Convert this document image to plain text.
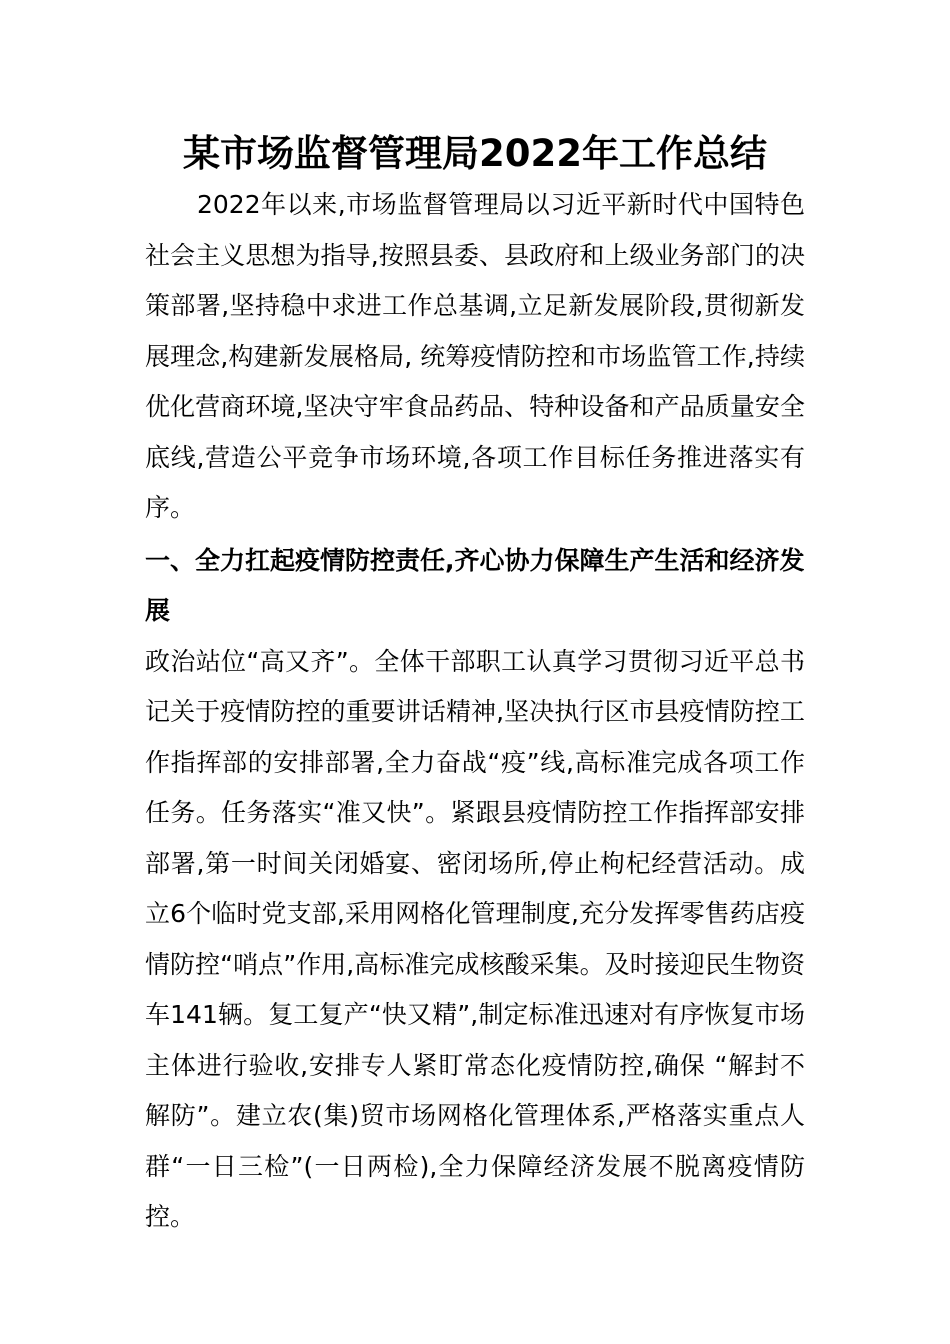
某市场监督管理局2022年工作总结

2022年以来,市场监督管理局以习近平新时代中国特色社会主义思想为指导,按照县委、县政府和上级业务部门的决策部署,坚持稳中求进工作总基调,立足新发展阶段,贯彻新发展理念,构建新发展格局, 统筹疫情防控和市场监管工作,持续优化营商环境,坚决守牢食品药品、特种设备和产品质量安全底线,营造公平竞争市场环境,各项工作目标任务推进落实有序。

一、全力扛起疫情防控责任,齐心协力保障生产生活和经济发展

政治站位“高又齐”。全体干部职工认真学习贯彻习近平总书记关于疫情防控的重要讲话精神,坚决执行区市县疫情防控工作指挥部的安排部署,全力奋战“疫”线,高标准完成各项工作任务。任务落实“准又快”。紧跟县疫情防控工作指挥部安排部署,第一时间关闭婚宴、密闭场所,停止枸杞经营活动。成立6个临时党支部,采用网格化管理制度,充分发挥零售药店疫情防控“哨点”作用,高标准完成核酸采集。及时接迎民生物资车141辆。复工复产“快又精”,制定标准迅速对有序恢复市场主体进行验收,安排专人紧盯常态化疫情防控,确保 “解封不解防”。建立农(集)贸市场网格化管理体系,严格落实重点人群“一日三检”(一日两检),全力保障经济发展不脱离疫情防控。
